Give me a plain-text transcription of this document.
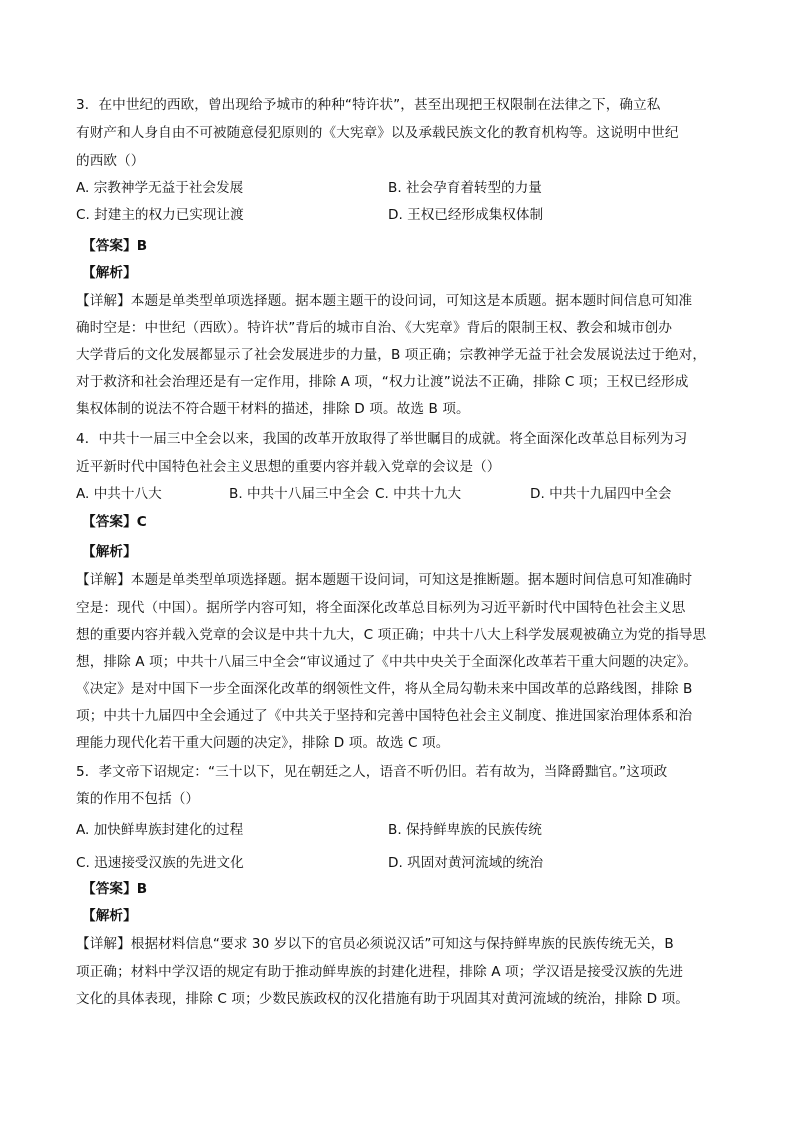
3．在中世纪的西欧，曾出现给予城市的种种“特许状”，甚至出现把王权限制在法律之下，确立私
有财产和人身自由不可被随意侵犯原则的《大宪章》以及承载民族文化的教育机构等。这说明中世纪
的西欧（）
A. 宗教神学无益于社会发展	B. 社会孕育着转型的力量
C. 封建主的权力已实现让渡	D. 王权已经形成集权体制
【答案】B
【解析】
【详解】本题是单类型单项选择题。据本题主题干的设问词，可知这是本质题。据本题时间信息可知准
确时空是：中世纪（西欧）。特许状”背后的城市自治、《大宪章》背后的限制王权、教会和城市创办
大学背后的文化发展都显示了社会发展进步的力量，B 项正确；宗教神学无益于社会发展说法过于绝对，
对于救济和社会治理还是有一定作用，排除 A 项，“权力让渡”说法不正确，排除 C 项；王权已经形成
集权体制的说法不符合题干材料的描述，排除 D 项。故选 B 项。
4．中共十一届三中全会以来，我国的改革开放取得了举世瞩目的成就。将全面深化改革总目标列为习
近平新时代中国特色社会主义思想的重要内容并载入党章的会议是（）
A. 中共十八大	B. 中共十八届三中全会 C. 中共十九大	D. 中共十九届四中全会
【答案】C
【解析】
【详解】本题是单类型单项选择题。据本题题干设问词，可知这是推断题。据本题时间信息可知准确时
空是：现代（中国）。据所学内容可知，将全面深化改革总目标列为习近平新时代中国特色社会主义思
想的重要内容并载入党章的会议是中共十九大，C 项正确；中共十八大上科学发展观被确立为党的指导思
想，排除 A 项；中共十八届三中全会“审议通过了《中共中央关于全面深化改革若干重大问题的决定》。
《决定》是对中国下一步全面深化改革的纲领性文件，将从全局勾勒未来中国改革的总路线图，排除 B
项；中共十九届四中全会通过了《中共关于坚持和完善中国特色社会主义制度、推进国家治理体系和治
理能力现代化若干重大问题的决定》，排除 D 项。故选 C 项。
5．孝文帝下诏规定：“三十以下，见在朝廷之人，语音不听仍旧。若有故为，当降爵黜官。”这项政
策的作用不包括（）
A. 加快鲜卑族封建化的过程	B. 保持鲜卑族的民族传统
C. 迅速接受汉族的先进文化	D. 巩固对黄河流域的统治
【答案】B
【解析】
【详解】根据材料信息“要求 30 岁以下的官员必须说汉话”可知这与保持鲜卑族的民族传统无关，B
项正确；材料中学汉语的规定有助于推动鲜卑族的封建化进程，排除 A 项；学汉语是接受汉族的先进
文化的具体表现，排除 C 项；少数民族政权的汉化措施有助于巩固其对黄河流域的统治，排除 D 项。
